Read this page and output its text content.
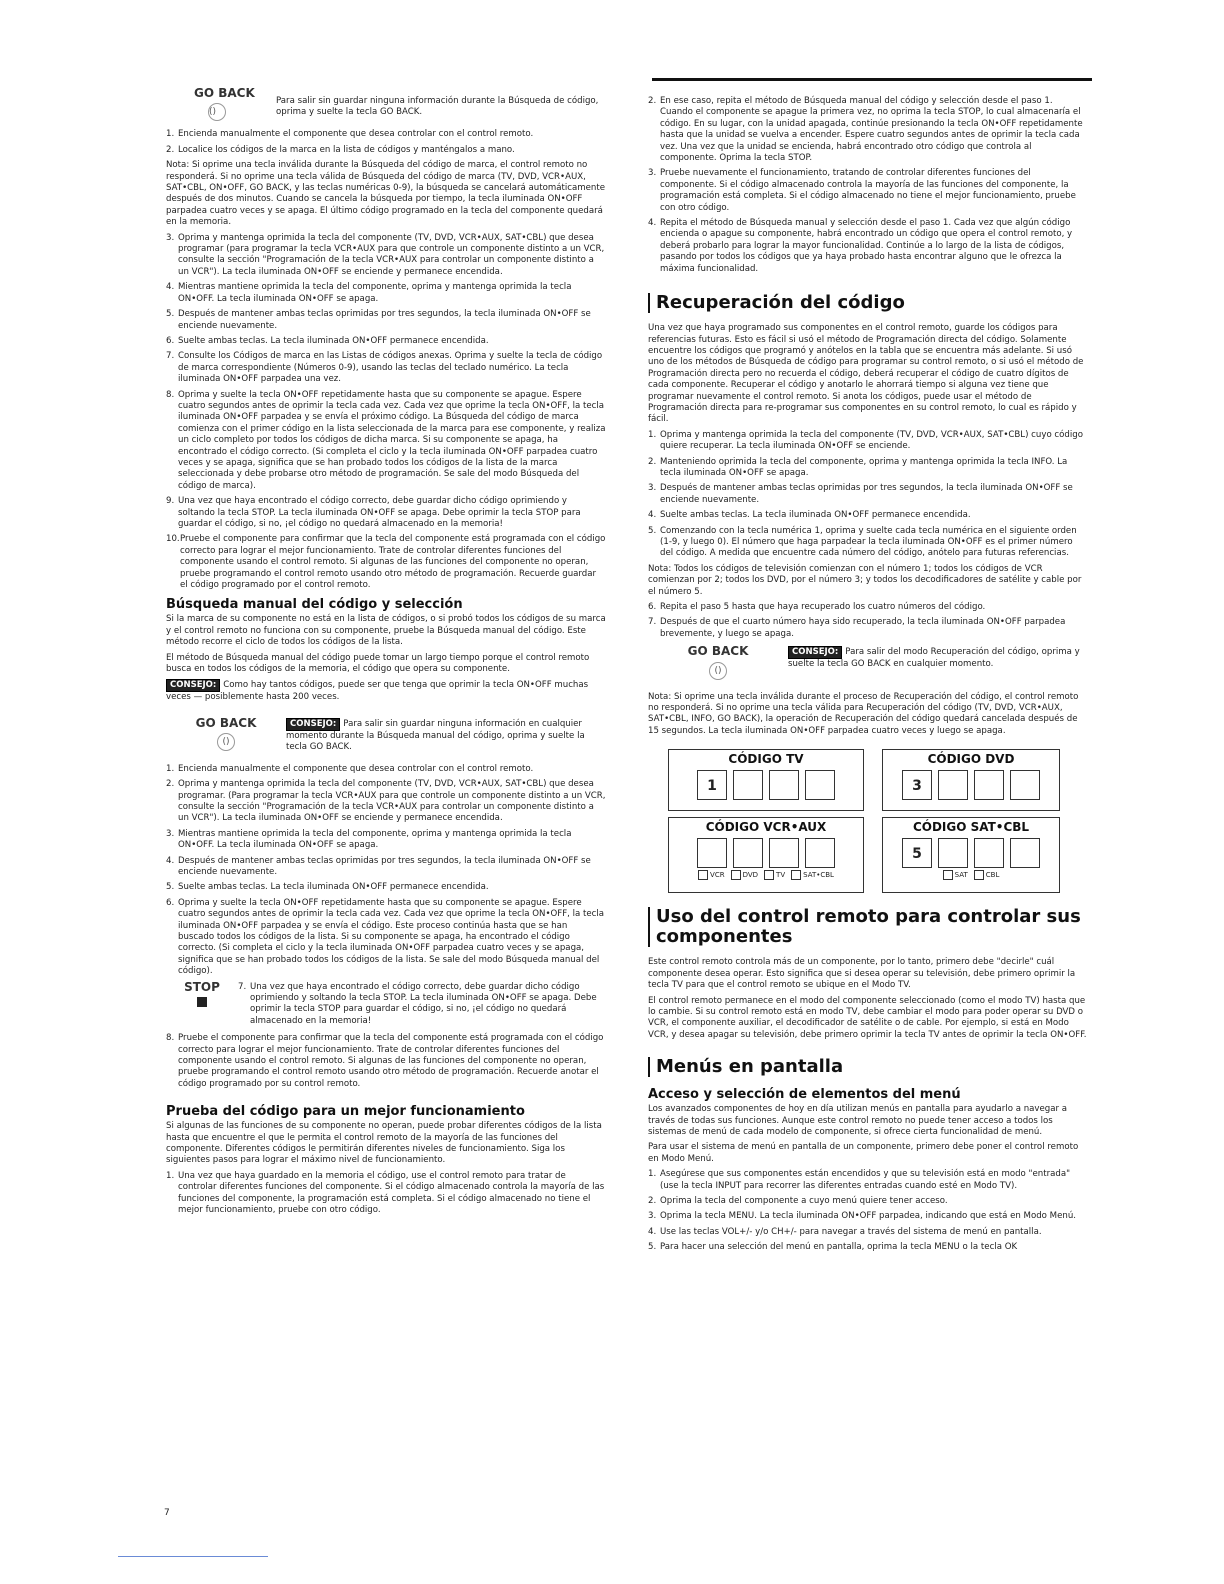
GO BACK
()
Para salir sin guardar ninguna información durante la Búsqueda de código, oprima y suelte la tecla GO BACK.
1. Encienda manualmente el componente que desea controlar con el control remoto.
2. Localice los códigos de la marca en la lista de códigos y manténgalos a mano.

Nota: Si oprime una tecla inválida durante la Búsqueda del código de marca, el control remoto no responderá. Si no oprime una tecla válida de Búsqueda del código de marca (TV, DVD, VCR•AUX, SAT•CBL, ON•OFF, GO BACK, y las teclas numéricas 0-9), la búsqueda se cancelará automáticamente después de dos minutos. Cuando se cancela la búsqueda por tiempo, la tecla iluminada ON•OFF parpadea cuatro veces y se apaga. El último código programado en la tecla del componente quedará en la memoria.

3. Oprima y mantenga oprimida la tecla del componente (TV, DVD, VCR•AUX, SAT•CBL) que desea programar (para programar la tecla VCR•AUX para que controle un componente distinto a un VCR, consulte la sección "Programación de la tecla VCR•AUX para controlar un componente distinto a un VCR"). La tecla iluminada ON•OFF se enciende y permanece encendida.
4. Mientras mantiene oprimida la tecla del componente, oprima y mantenga oprimida la tecla ON•OFF. La tecla iluminada ON•OFF se apaga.
5. Después de mantener ambas teclas oprimidas por tres segundos, la tecla iluminada ON•OFF se enciende nuevamente.
6. Suelte ambas teclas. La tecla iluminada ON•OFF permanece encendida.
7. Consulte los Códigos de marca en las Listas de códigos anexas. Oprima y suelte la tecla de código de marca correspondiente (Números 0-9), usando las teclas del teclado numérico. La tecla iluminada ON•OFF parpadea una vez.
8. Oprima y suelte la tecla ON•OFF repetidamente hasta que su componente se apague. Espere cuatro segundos antes de oprimir la tecla cada vez. Cada vez que oprime la tecla ON•OFF, la tecla iluminada ON•OFF parpadea y se envía el próximo código. La Búsqueda del código de marca comienza con el primer código en la lista seleccionada de la marca para ese componente, y realiza un ciclo completo por todos los códigos de dicha marca. Si su componente se apaga, ha encontrado el código correcto. (Si completa el ciclo y la tecla iluminada ON•OFF parpadea cuatro veces y se apaga, significa que se han probado todos los códigos de la lista de la marca seleccionada y debe probarse otro método de programación. Se sale del modo Búsqueda del código de marca).
9. Una vez que haya encontrado el código correcto, debe guardar dicho código oprimiendo y soltando la tecla STOP. La tecla iluminada ON•OFF se apaga. Debe oprimir la tecla STOP para guardar el código, si no, ¡el código no quedará almacenado en la memoria!
10. Pruebe el componente para confirmar que la tecla del componente está programada con el código correcto para lograr el mejor funcionamiento. Trate de controlar diferentes funciones del componente usando el control remoto. Si algunas de las funciones del componente no operan, pruebe programando el control remoto usando otro método de programación. Recuerde guardar el código programado por el control remoto.
Búsqueda manual del código y selección

Si la marca de su componente no está en la lista de códigos, o si probó todos los códigos de su marca y el control remoto no funciona con su componente, pruebe la Búsqueda manual del código. Este método recorre el ciclo de todos los códigos de la lista.

El método de Búsqueda manual del código puede tomar un largo tiempo porque el control remoto busca en todos los códigos de la memoria, el código que opera su componente.

CONSEJO: Como hay tantos códigos, puede ser que tenga que oprimir la tecla ON•OFF muchas veces — posiblemente hasta 200 veces.

GO BACK
()
CONSEJO: Para salir sin guardar ninguna información en cualquier momento durante la Búsqueda manual del código, oprima y suelte la tecla GO BACK.
1. Encienda manualmente el componente que desea controlar con el control remoto.
2. Oprima y mantenga oprimida la tecla del componente (TV, DVD, VCR•AUX, SAT•CBL) que desea programar. (Para programar la tecla VCR•AUX para que controle un componente distinto a un VCR, consulte la sección "Programación de la tecla VCR•AUX para controlar un componente distinto a un VCR"). La tecla iluminada ON•OFF se enciende y permanece encendida.
3. Mientras mantiene oprimida la tecla del componente, oprima y mantenga oprimida la tecla ON•OFF. La tecla iluminada ON•OFF se apaga.
4. Después de mantener ambas teclas oprimidas por tres segundos, la tecla iluminada ON•OFF se enciende nuevamente.
5. Suelte ambas teclas. La tecla iluminada ON•OFF permanece encendida.
6. Oprima y suelte la tecla ON•OFF repetidamente hasta que su componente se apague. Espere cuatro segundos antes de oprimir la tecla cada vez. Cada vez que oprime la tecla ON•OFF, la tecla iluminada ON•OFF parpadea y se envía el código. Este proceso continúa hasta que se han buscado todos los códigos de la lista. Si su componente se apaga, ha encontrado el código correcto. (Si completa el ciclo y la tecla iluminada ON•OFF parpadea cuatro veces y se apaga, significa que se han probado todos los códigos de la lista. Se sale del modo Búsqueda manual del código).
STOP	7. Una vez que haya encontrado el código correcto, debe guardar dicho código oprimiendo y soltando la tecla STOP. La tecla iluminada ON•OFF se apaga. Debe oprimir la tecla STOP para guardar el código, si no, ¡el código no quedará almacenado en la memoria!
8. Pruebe el componente para confirmar que la tecla del componente está programada con el código correcto para lograr el mejor funcionamiento. Trate de controlar diferentes funciones del componente usando el control remoto. Si algunas de las funciones del componente no operan, pruebe programando el control remoto usando otro método de programación. Recuerde anotar el código programado por su control remoto.
Prueba del código para un mejor funcionamiento

Si algunas de las funciones de su componente no operan, puede probar diferentes códigos de la lista hasta que encuentre el que le permita el control remoto de la mayoría de las funciones del componente. Diferentes códigos le permitirán diferentes niveles de funcionamiento. Siga los siguientes pasos para lograr el máximo nivel de funcionamiento.

1. Una vez que haya guardado en la memoria el código, use el control remoto para tratar de controlar diferentes funciones del componente. Si el código almacenado controla la mayoría de las funciones del componente, la programación está completa. Si el código almacenado no tiene el mejor funcionamiento, pruebe con otro código.
7
2. En ese caso, repita el método de Búsqueda manual del código y selección desde el paso 1. Cuando el componente se apague la primera vez, no oprima la tecla STOP, lo cual almacenaría el código. En su lugar, con la unidad apagada, continúe presionando la tecla ON•OFF repetidamente hasta que la unidad se vuelva a encender. Espere cuatro segundos antes de oprimir la tecla cada vez. Una vez que la unidad se encienda, habrá encontrado otro código que controla al componente. Oprima la tecla STOP.
3. Pruebe nuevamente el funcionamiento, tratando de controlar diferentes funciones del componente. Si el código almacenado controla la mayoría de las funciones del componente, la programación está completa. Si el código almacenado no tiene el mejor funcionamiento, pruebe con otro código.
4. Repita el método de Búsqueda manual y selección desde el paso 1. Cada vez que algún código encienda o apague su componente, habrá encontrado un código que opera el control remoto, y deberá probarlo para lograr la mayor funcionalidad. Continúe a lo largo de la lista de códigos, pasando por todos los códigos que ya haya probado hasta encontrar alguno que le ofrezca la máxima funcionalidad.
Recuperación del código

Una vez que haya programado sus componentes en el control remoto, guarde los códigos para referencias futuras. Esto es fácil si usó el método de Programación directa del código. Solamente encuentre los códigos que programó y anótelos en la tabla que se encuentra más adelante. Si usó uno de los métodos de Búsqueda de código para programar su control remoto, o si usó el método de Programación directa pero no recuerda el código, deberá recuperar el código de cuatro dígitos de cada componente. Recuperar el código y anotarlo le ahorrará tiempo si alguna vez tiene que programar nuevamente el control remoto. Si anota los códigos, puede usar el método de Programación directa para re-programar sus componentes en su control remoto, lo cual es rápido y fácil.

1. Oprima y mantenga oprimida la tecla del componente (TV, DVD, VCR•AUX, SAT•CBL) cuyo código quiere recuperar. La tecla iluminada ON•OFF se enciende.
2. Manteniendo oprimida la tecla del componente, oprima y mantenga oprimida la tecla INFO. La tecla iluminada ON•OFF se apaga.
3. Después de mantener ambas teclas oprimidas por tres segundos, la tecla iluminada ON•OFF se enciende nuevamente.
4. Suelte ambas teclas. La tecla iluminada ON•OFF permanece encendida.
5. Comenzando con la tecla numérica 1, oprima y suelte cada tecla numérica en el siguiente orden (1-9, y luego 0). El número que haga parpadear la tecla iluminada ON•OFF es el primer número del código. A medida que encuentre cada número del código, anótelo para futuras referencias.

Nota: Todos los códigos de televisión comienzan con el número 1; todos los códigos de VCR comienzan por 2; todos los DVD, por el número 3; y todos los decodificadores de satélite y cable por el número 5.

6. Repita el paso 5 hasta que haya recuperado los cuatro números del código.
7. Después de que el cuarto número haya sido recuperado, la tecla iluminada ON•OFF parpadea brevemente, y luego se apaga.
GO BACK
()
CONSEJO: Para salir del modo Recuperación del código, oprima y suelte la tecla GO BACK en cualquier momento.

Nota: Si oprime una tecla inválida durante el proceso de Recuperación del código, el control remoto no responderá. Si no oprime una tecla válida para Recuperación del código (TV, DVD, VCR•AUX, SAT•CBL, INFO, GO BACK), la operación de Recuperación del código quedará cancelada después de 15 segundos. La tecla iluminada ON•OFF parpadea cuatro veces y luego se apaga.

CÓDIGO TV
1
CÓDIGO DVD
3
CÓDIGO VCR•AUX
VCR	DVD	TV	SAT•CBL
CÓDIGO SAT•CBL
5
SAT	CBL
Uso del control remoto para controlar sus componentes

Este control remoto controla más de un componente, por lo tanto, primero debe "decirle" cuál componente desea operar. Esto significa que si desea operar su televisión, debe primero oprimir la tecla TV para que el control remoto se ubique en el Modo TV.

El control remoto permanece en el modo del componente seleccionado (como el modo TV) hasta que lo cambie. Si su control remoto está en modo TV, debe cambiar el modo para poder operar su DVD o VCR, el componente auxiliar, el decodificador de satélite o de cable. Por ejemplo, si está en Modo VCR, y desea apagar su televisión, debe primero oprimir la tecla TV antes de oprimir la tecla ON•OFF.

Menús en pantalla
Acceso y selección de elementos del menú

Los avanzados componentes de hoy en día utilizan menús en pantalla para ayudarlo a navegar a través de todas sus funciones. Aunque este control remoto no puede tener acceso a todos los sistemas de menú de cada modelo de componente, si ofrece cierta funcionalidad de menú.

Para usar el sistema de menú en pantalla de un componente, primero debe poner el control remoto en Modo Menú.

1. Asegúrese que sus componentes están encendidos y que su televisión está en modo "entrada" (use la tecla INPUT para recorrer las diferentes entradas cuando esté en Modo TV).
2. Oprima la tecla del componente a cuyo menú quiere tener acceso.
3. Oprima la tecla MENU. La tecla iluminada ON•OFF parpadea, indicando que está en Modo Menú.
4. Use las teclas VOL+/- y/o CH+/- para navegar a través del sistema de menú en pantalla.
5. Para hacer una selección del menú en pantalla, oprima la tecla MENU o la tecla OK
